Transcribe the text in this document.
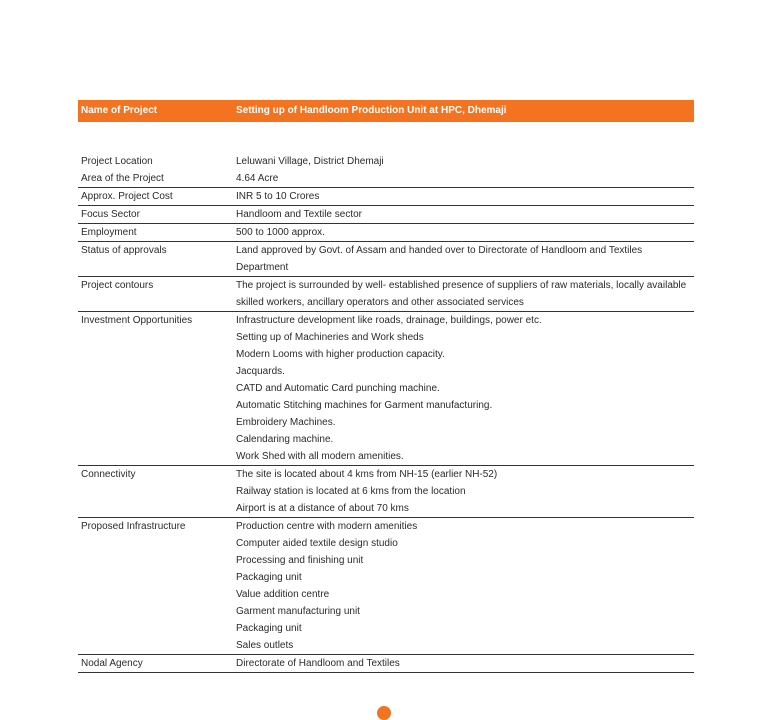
Name of Project	Setting up of Handloom Production Unit at HPC, Dhemaji
Project Location	Leluwani Village, District Dhemaji
Area of the Project	4.64 Acre
Approx. Project Cost	INR 5 to 10 Crores
Focus Sector	Handloom and Textile sector
Employment	500 to 1000 approx.
Status of approvals	Land approved by Govt. of Assam and handed over to Directorate of Handloom and Textiles
Department
Project contours	The project is surrounded by well- established presence of suppliers of raw materials, locally available
skilled workers, ancillary operators and other associated services
Investment Opportunities	Infrastructure development like roads, drainage, buildings, power etc.
Setting up of Machineries and Work sheds
Modern Looms with higher production capacity.
Jacquards.
CATD and Automatic Card punching machine.
Automatic Stitching machines for Garment manufacturing.
Embroidery Machines.
Calendaring machine.
Work Shed with all modern amenities.
Connectivity	The site is located about 4 kms from NH-15 (earlier NH-52)
Railway station is located at 6 kms from the location
Airport is at a distance of about 70 kms
Proposed Infrastructure	Production centre with modern amenities
Computer aided textile design studio
Processing and finishing unit
Packaging unit
Value addition centre
Garment manufacturing unit
Packaging unit
Sales outlets
Nodal Agency	Directorate of Handloom and Textiles
